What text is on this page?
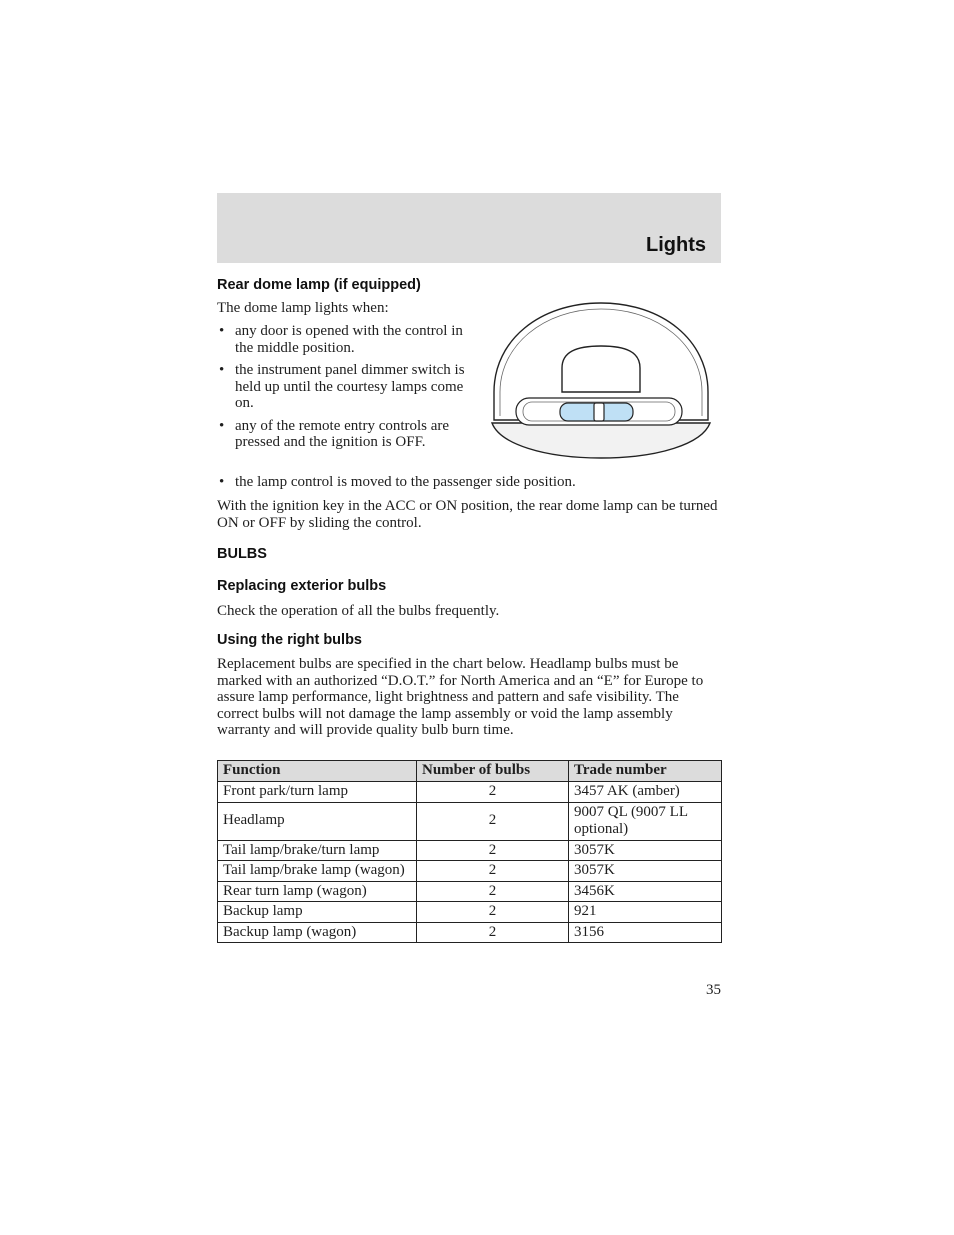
Lights
Rear dome lamp (if equipped)

The dome lamp lights when:

• any door is opened with the control in the middle position.
• the instrument panel dimmer switch is held up until the courtesy lamps come on.
• any of the remote entry controls are pressed and the ignition is OFF.
• the lamp control is moved to the passenger side position.

With the ignition key in the ACC or ON position, the rear dome lamp can be turned ON or OFF by sliding the control.

BULBS
Replacing exterior bulbs

Check the operation of all the bulbs frequently.

Using the right bulbs

Replacement bulbs are specified in the chart below. Headlamp bulbs must be marked with an authorized “D.O.T.” for North America and an “E” for Europe to assure lamp performance, light brightness and pattern and safe visibility. The correct bulbs will not damage the lamp assembly or void the lamp assembly warranty and will provide quality bulb burn time.

Function	Number of bulbs	Trade number
Front park/turn lamp	2	3457 AK (amber)
Headlamp	2	9007 QL (9007 LL optional)
Tail lamp/brake/turn lamp	2	3057K
Tail lamp/brake lamp (wagon)	2	3057K
Rear turn lamp (wagon)	2	3456K
Backup lamp	2	921
Backup lamp (wagon)	2	3156
35
